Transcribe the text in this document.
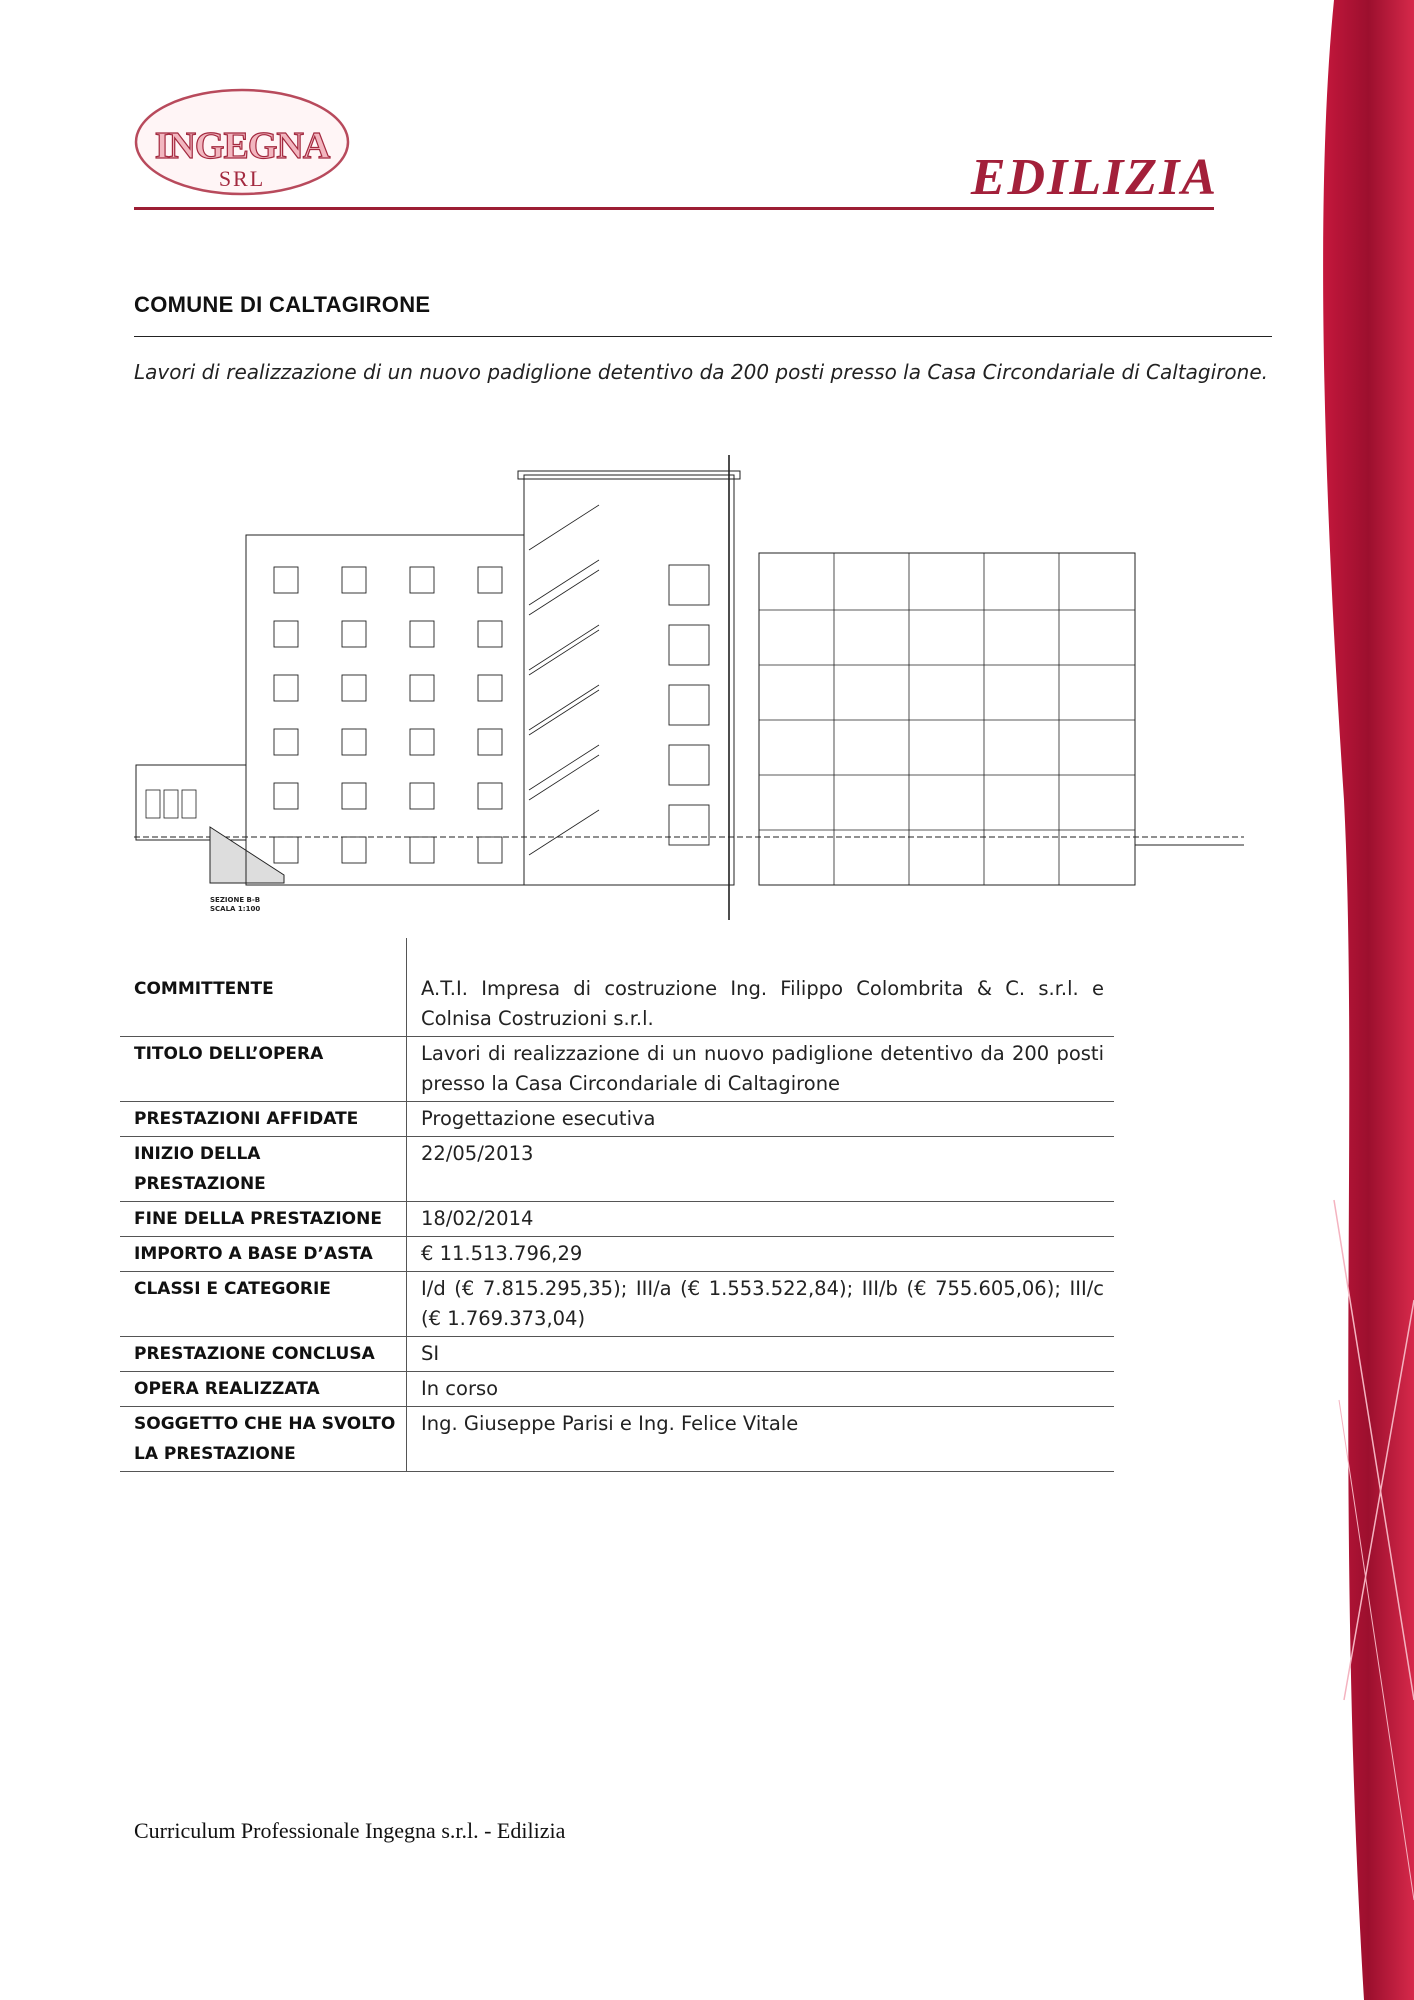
INGEGNA
SRL	EDILIZIA
COMUNE DI CALTAGIRONE
Lavori di realizzazione di un nuovo padiglione detentivo da 200 posti presso la Casa Circondariale di Caltagirone.
SEZIONE B-B
SCALA 1:100

COMMITTENTE	A.T.I. Impresa di costruzione Ing. Filippo Colombrita & C. s.r.l. e Colnisa Costruzioni s.r.l.
TITOLO DELL’OPERA	Lavori di realizzazione di un nuovo padiglione detentivo da 200 posti presso la Casa Circondariale di Caltagirone
PRESTAZIONI AFFIDATE	Progettazione esecutiva
INIZIO DELLA PRESTAZIONE	22/05/2013
FINE DELLA PRESTAZIONE	18/02/2014
IMPORTO A BASE D’ASTA	€ 11.513.796,29
CLASSI E CATEGORIE	I/d (€ 7.815.295,35); III/a (€ 1.553.522,84); III/b (€ 755.605,06); III/c (€ 1.769.373,04)
PRESTAZIONE CONCLUSA	SI
OPERA REALIZZATA	In corso
SOGGETTO CHE HA SVOLTO LA PRESTAZIONE	Ing. Giuseppe Parisi e Ing. Felice Vitale
Curriculum Professionale Ingegna s.r.l. - Edilizia
